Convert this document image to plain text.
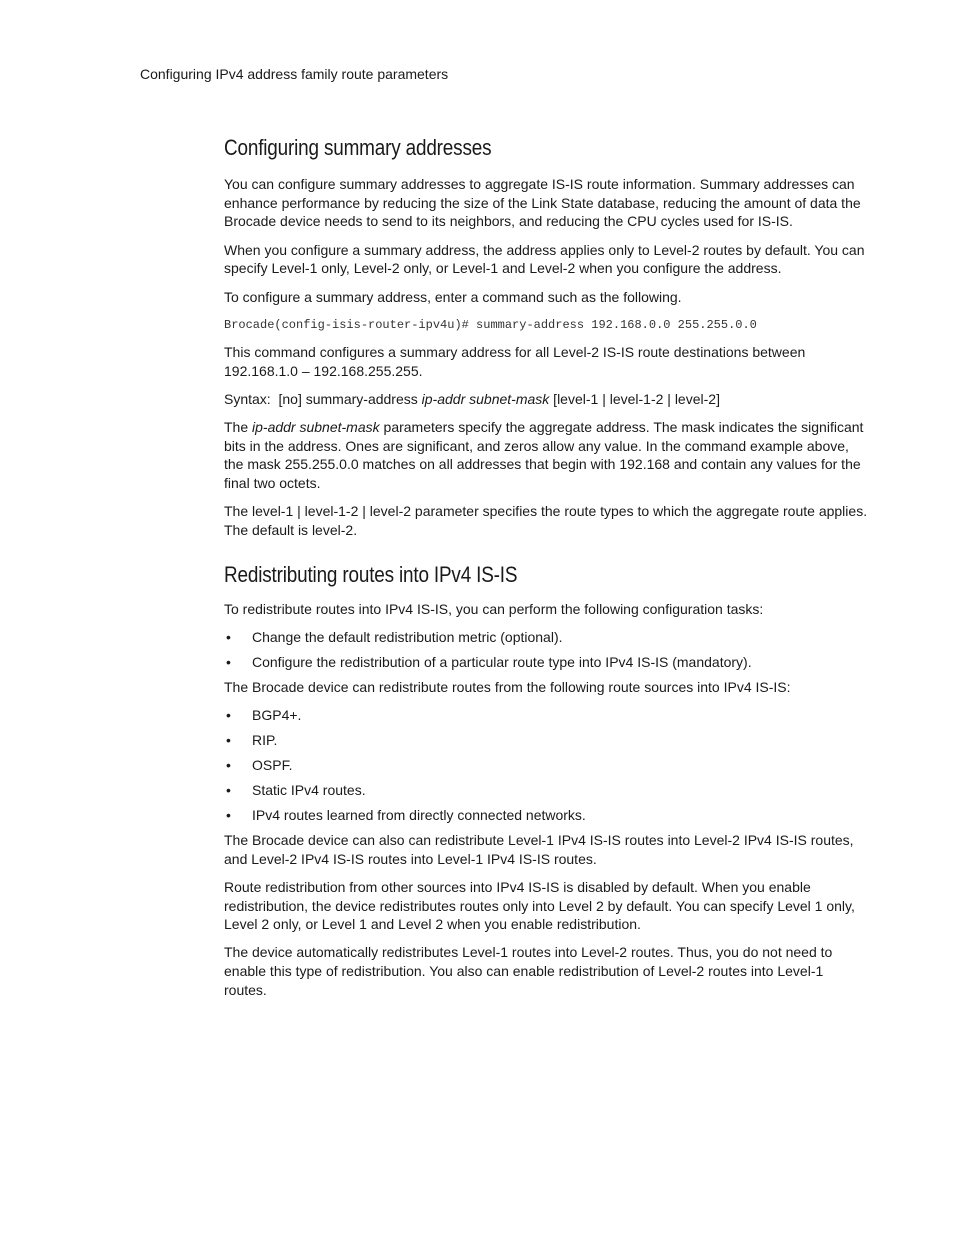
Configuring IPv4 address family route parameters
Configuring summary addresses

You can configure summary addresses to aggregate IS-IS route information. Summary addresses can enhance performance by reducing the size of the Link State database, reducing the amount of data the Brocade device needs to send to its neighbors, and reducing the CPU cycles used for IS-IS.

When you configure a summary address, the address applies only to Level-2 routes by default. You can specify Level-1 only, Level-2 only, or Level-1 and Level-2 when you configure the address.

To configure a summary address, enter a command such as the following.

Brocade(config-isis-router-ipv4u)# summary-address 192.168.0.0 255.255.0.0

This command configures a summary address for all Level-2 IS-IS route destinations between 192.168.1.0 – 192.168.255.255.

Syntax: [no] summary-address ip-addr subnet-mask [level-1 | level-1-2 | level-2]

The ip-addr subnet-mask parameters specify the aggregate address. The mask indicates the significant bits in the address. Ones are significant, and zeros allow any value. In the command example above, the mask 255.255.0.0 matches on all addresses that begin with 192.168 and contain any values for the final two octets.

The level-1 | level-1-2 | level-2 parameter specifies the route types to which the aggregate route applies. The default is level-2.

Redistributing routes into IPv4 IS-IS

To redistribute routes into IPv4 IS-IS, you can perform the following configuration tasks:

• Change the default redistribution metric (optional).
• Configure the redistribution of a particular route type into IPv4 IS-IS (mandatory).

The Brocade device can redistribute routes from the following route sources into IPv4 IS-IS:

• BGP4+.
• RIP.
• OSPF.
• Static IPv4 routes.
• IPv4 routes learned from directly connected networks.

The Brocade device can also can redistribute Level-1 IPv4 IS-IS routes into Level-2 IPv4 IS-IS routes, and Level-2 IPv4 IS-IS routes into Level-1 IPv4 IS-IS routes.

Route redistribution from other sources into IPv4 IS-IS is disabled by default. When you enable redistribution, the device redistributes routes only into Level 2 by default. You can specify Level 1 only, Level 2 only, or Level 1 and Level 2 when you enable redistribution.

The device automatically redistributes Level-1 routes into Level-2 routes. Thus, you do not need to enable this type of redistribution. You also can enable redistribution of Level-2 routes into Level-1 routes.
